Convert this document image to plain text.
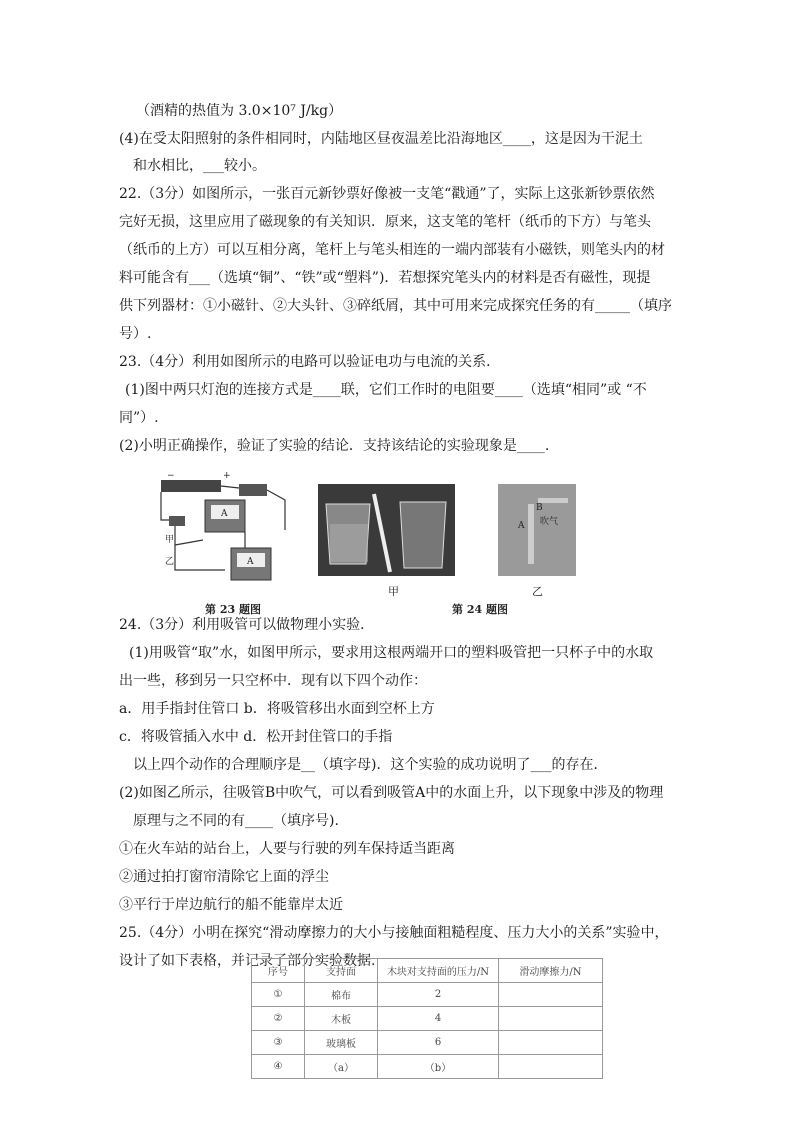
（酒精的热值为 3.0×10⁷ J/kg）
(4)在受太阳照射的条件相同时，内陆地区昼夜温差比沿海地区____，这是因为干泥土
和水相比，___较小。
22.（3分）如图所示，一张百元新钞票好像被一支笔“戳通”了，实际上这张新钞票依然
完好无损，这里应用了磁现象的有关知识．原来，这支笔的笔杆（纸币的下方）与笔头
（纸币的上方）可以互相分离，笔杆上与笔头相连的一端内部装有小磁铁，则笔头内的材
料可能含有___（选填“铜”、“铁”或“塑料”)．若想探究笔头内的材料是否有磁性，现提
供下列器材：①小磁针、②大头针、③碎纸屑，其中可用来完成探究任务的有_____（填序
号）.
23.（4分）利用如图所示的电路可以验证电功与电流的关系．
(1)图中两只灯泡的连接方式是____联，它们工作时的电阻要____（选填“相同”或 “不
同”）.
(2)小明正确操作，验证了实验的结论．支持该结论的实验现象是____.
−	+
A
甲
乙	A
甲
B
A 吹气
乙
第 23 题图	第 24 题图
24.（3分）利用吸管可以做物理小实验．
(1)用吸管“取”水，如图甲所示，要求用这根两端开口的塑料吸管把一只杯子中的水取
出一些，移到另一只空杯中．现有以下四个动作：
a．用手指封住管口 b．将吸管移出水面到空杯上方
c．将吸管插入水中 d．松开封住管口的手指
以上四个动作的合理顺序是__（填字母)．这个实验的成功说明了___的存在．
(2)如图乙所示，往吸管B中吹气，可以看到吸管A中的水面上升，以下现象中涉及的物理
原理与之不同的有____（填序号).
①在火车站的站台上，人要与行驶的列车保持适当距离
②通过拍打窗帘清除它上面的浮尘
③平行于岸边航行的船不能靠岸太近
25.（4分）小明在探究“滑动摩擦力的大小与接触面粗糙程度、压力大小的关系”实验中，
设计了如下表格，并记录了部分实验数据.
序号	支持面	木块对支持面的压力/N	滑动摩擦力/N
①	棉布	2	
②	木板	4	
③	玻璃板	6	
④	（a）	（b）	
